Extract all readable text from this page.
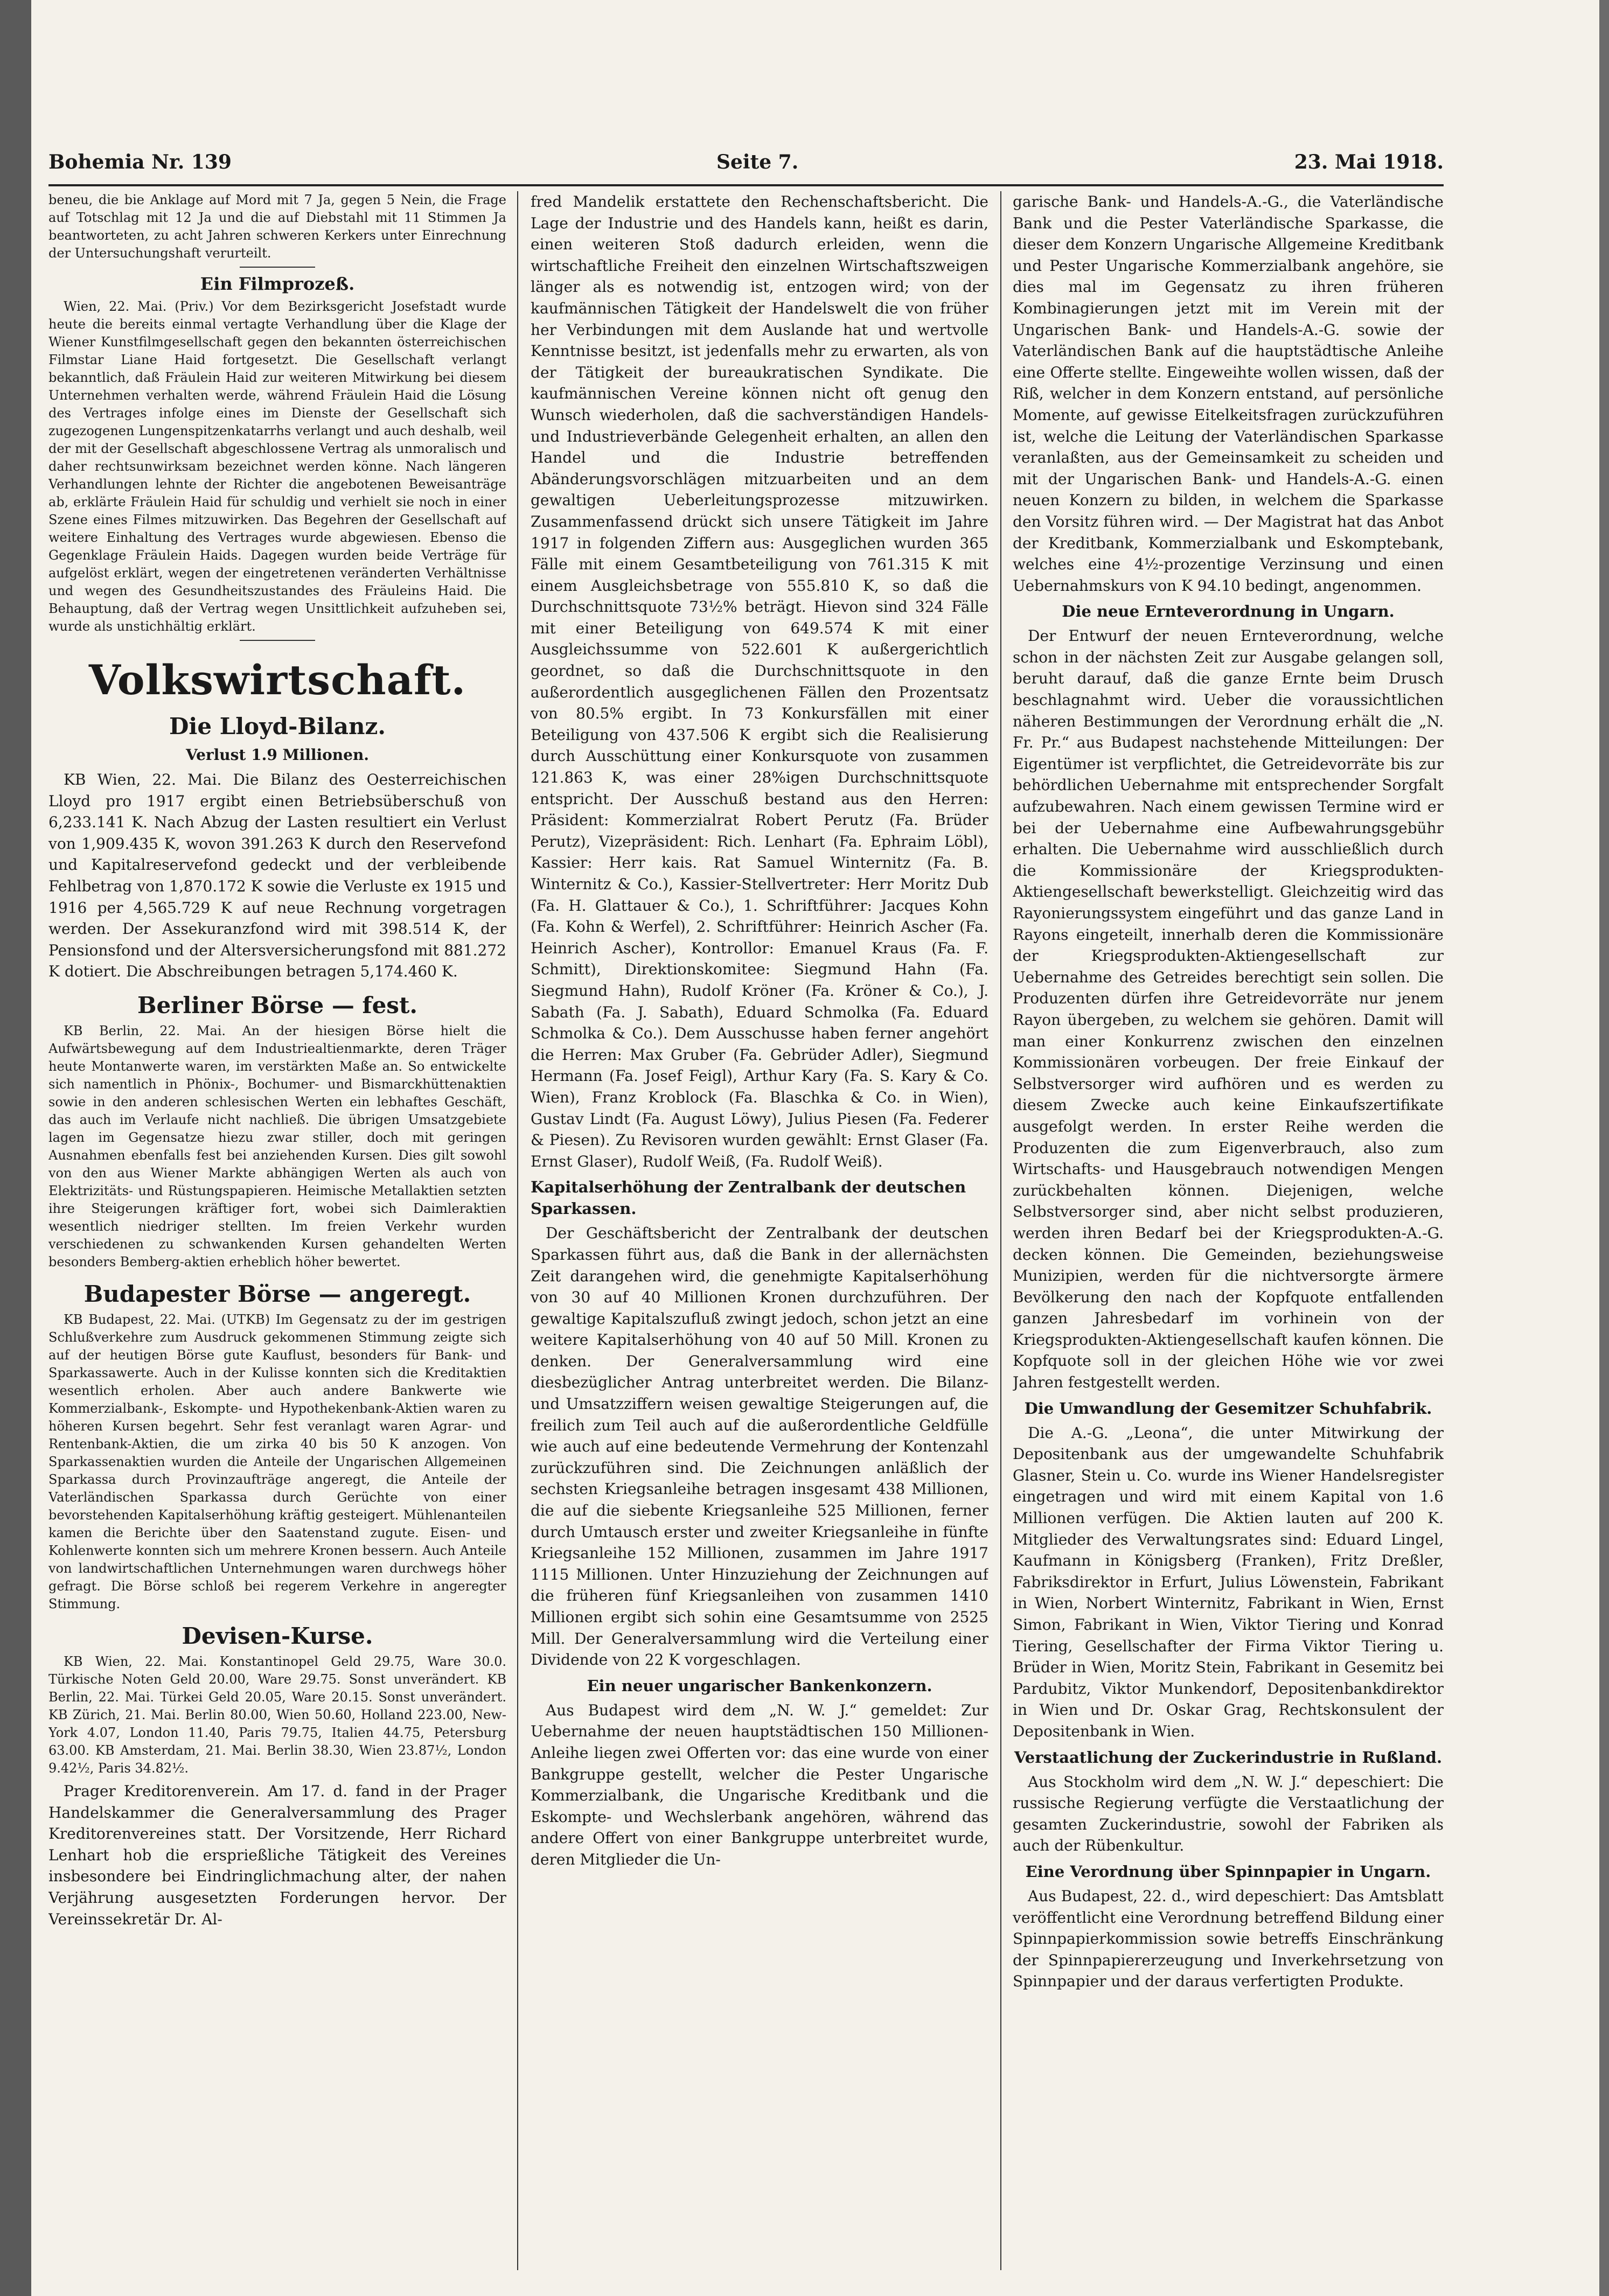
Bohemia Nr. 139	Seite 7.	23. Mai 1918.

beneu, die bie Anklage auf Mord mit 7 Ja, gegen 5 Nein, die Frage auf Totschlag mit 12 Ja und die auf Diebstahl mit 11 Stimmen Ja beantworteten, zu acht Jahren schweren Kerkers unter Einrechnung der Untersuchungshaft verurteilt.

Ein Filmprozeß.

Wien, 22. Mai. (Priv.) Vor dem Bezirksgericht Josefstadt wurde heute die bereits einmal vertagte Verhandlung über die Klage der Wiener Kunstfilmgesellschaft gegen den bekannten österreichischen Filmstar Liane Haid fortgesetzt. Die Gesellschaft verlangt bekanntlich, daß Fräulein Haid zur weiteren Mitwirkung bei diesem Unternehmen verhalten werde, während Fräulein Haid die Lösung des Vertrages infolge eines im Dienste der Gesellschaft sich zugezogenen Lungenspitzenkatarrhs verlangt und auch deshalb, weil der mit der Gesellschaft abgeschlossene Vertrag als unmoralisch und daher rechtsunwirksam bezeichnet werden könne. Nach längeren Verhandlungen lehnte der Richter die angebotenen Beweisanträge ab, erklärte Fräulein Haid für schuldig und verhielt sie noch in einer Szene eines Filmes mitzuwirken. Das Begehren der Gesellschaft auf weitere Einhaltung des Vertrages wurde abgewiesen. Ebenso die Gegenklage Fräulein Haids. Dagegen wurden beide Verträge für aufgelöst erklärt, wegen der eingetretenen veränderten Verhältnisse und wegen des Gesundheitszustandes des Fräuleins Haid. Die Behauptung, daß der Vertrag wegen Unsittlichkeit aufzuheben sei, wurde als unstichhältig erklärt.

Volkswirtschaft.
Die Lloyd-Bilanz.
Verlust 1.9 Millionen.

KB Wien, 22. Mai. Die Bilanz des Oesterreichischen Lloyd pro 1917 ergibt einen Betriebsüberschuß von 6,233.141 K. Nach Abzug der Lasten resultiert ein Verlust von 1,909.435 K, wovon 391.263 K durch den Reservefond und Kapitalreservefond gedeckt und der verbleibende Fehlbetrag von 1,870.172 K sowie die Verluste ex 1915 und 1916 per 4,565.729 K auf neue Rechnung vorgetragen werden. Der Assekuranzfond wird mit 398.514 K, der Pensionsfond und der Altersversicherungsfond mit 881.272 K dotiert. Die Abschreibungen betragen 5,174.460 K.

Berliner Börse — fest.

KB Berlin, 22. Mai. An der hiesigen Börse hielt die Aufwärtsbewegung auf dem Industriealtienmarkte, deren Träger heute Montanwerte waren, im verstärkten Maße an. So entwickelte sich namentlich in Phönix-, Bochumer- und Bismarckhüttenaktien sowie in den anderen schlesischen Werten ein lebhaftes Geschäft, das auch im Verlaufe nicht nachließ. Die übrigen Umsatzgebiete lagen im Gegensatze hiezu zwar stiller, doch mit geringen Ausnahmen ebenfalls fest bei anziehenden Kursen. Dies gilt sowohl von den aus Wiener Markte abhängigen Werten als auch von Elektrizitäts- und Rüstungspapieren. Heimische Metallaktien setzten ihre Steigerungen kräftiger fort, wobei sich Daimleraktien wesentlich niedriger stellten. Im freien Verkehr wurden verschiedenen zu schwankenden Kursen gehandelten Werten besonders Bemberg-aktien erheblich höher bewertet.

Budapester Börse — angeregt.

KB Budapest, 22. Mai. (UTKB) Im Gegensatz zu der im gestrigen Schlußverkehre zum Ausdruck gekommenen Stimmung zeigte sich auf der heutigen Börse gute Kauflust, besonders für Bank- und Sparkassawerte. Auch in der Kulisse konnten sich die Kreditaktien wesentlich erholen. Aber auch andere Bankwerte wie Kommerzialbank-, Eskompte- und Hypothekenbank-Aktien waren zu höheren Kursen begehrt. Sehr fest veranlagt waren Agrar- und Rentenbank-Aktien, die um zirka 40 bis 50 K anzogen. Von Sparkassenaktien wurden die Anteile der Ungarischen Allgemeinen Sparkassa durch Provinzaufträge angeregt, die Anteile der Vaterländischen Sparkassa durch Gerüchte von einer bevorstehenden Kapitalserhöhung kräftig gesteigert. Mühlenanteilen kamen die Berichte über den Saatenstand zugute. Eisen- und Kohlenwerte konnten sich um mehrere Kronen bessern. Auch Anteile von landwirtschaftlichen Unternehmungen waren durchwegs höher gefragt. Die Börse schloß bei regerem Verkehre in angeregter Stimmung.

Devisen-Kurse.

KB Wien, 22. Mai. Konstantinopel Geld 29.75, Ware 30.0. Türkische Noten Geld 20.00, Ware 29.75. Sonst unverändert. KB Berlin, 22. Mai. Türkei Geld 20.05, Ware 20.15. Sonst unverändert. KB Zürich, 21. Mai. Berlin 80.00, Wien 50.60, Holland 223.00, New-York 4.07, London 11.40, Paris 79.75, Italien 44.75, Petersburg 63.00. KB Amsterdam, 21. Mai. Berlin 38.30, Wien 23.87½, London 9.42½, Paris 34.82½.

Prager Kreditorenverein. Am 17. d. fand in der Prager Handelskammer die Generalversammlung des Prager Kreditorenvereines statt. Der Vorsitzende, Herr Richard Lenhart hob die ersprießliche Tätigkeit des Vereines insbesondere bei Eindringlichmachung alter, der nahen Verjährung ausgesetzten Forderungen hervor. Der Vereinssekretär Dr. Al-

fred Mandelik erstattete den Rechenschaftsbericht. Die Lage der Industrie und des Handels kann, heißt es darin, einen weiteren Stoß dadurch erleiden, wenn die wirtschaftliche Freiheit den einzelnen Wirtschaftszweigen länger als es notwendig ist, entzogen wird; von der kaufmännischen Tätigkeit der Handelswelt die von früher her Verbindungen mit dem Auslande hat und wertvolle Kenntnisse besitzt, ist jedenfalls mehr zu erwarten, als von der Tätigkeit der bureaukratischen Syndikate. Die kaufmännischen Vereine können nicht oft genug den Wunsch wiederholen, daß die sachverständigen Handels- und Industrieverbände Gelegenheit erhalten, an allen den Handel und die Industrie betreffenden Abänderungsvorschlägen mitzuarbeiten und an dem gewaltigen Ueberleitungsprozesse mitzuwirken. Zusammenfassend drückt sich unsere Tätigkeit im Jahre 1917 in folgenden Ziffern aus: Ausgeglichen wurden 365 Fälle mit einem Gesamtbeteiligung von 761.315 K mit einem Ausgleichsbetrage von 555.810 K, so daß die Durchschnittsquote 73½% beträgt. Hievon sind 324 Fälle mit einer Beteiligung von 649.574 K mit einer Ausgleichssumme von 522.601 K außergerichtlich geordnet, so daß die Durchschnittsquote in den außerordentlich ausgeglichenen Fällen den Prozentsatz von 80.5% ergibt. In 73 Konkursfällen mit einer Beteiligung von 437.506 K ergibt sich die Realisierung durch Ausschüttung einer Konkursquote von zusammen 121.863 K, was einer 28%igen Durchschnittsquote entspricht. Der Ausschuß bestand aus den Herren: Präsident: Kommerzialrat Robert Perutz (Fa. Brüder Perutz), Vizepräsident: Rich. Lenhart (Fa. Ephraim Löbl), Kassier: Herr kais. Rat Samuel Winternitz (Fa. B. Winternitz & Co.), Kassier-Stellvertreter: Herr Moritz Dub (Fa. H. Glattauer & Co.), 1. Schriftführer: Jacques Kohn (Fa. Kohn & Werfel), 2. Schriftführer: Heinrich Ascher (Fa. Heinrich Ascher), Kontrollor: Emanuel Kraus (Fa. F. Schmitt), Direktionskomitee: Siegmund Hahn (Fa. Siegmund Hahn), Rudolf Kröner (Fa. Kröner & Co.), J. Sabath (Fa. J. Sabath), Eduard Schmolka (Fa. Eduard Schmolka & Co.). Dem Ausschusse haben ferner angehört die Herren: Max Gruber (Fa. Gebrüder Adler), Siegmund Hermann (Fa. Josef Feigl), Arthur Kary (Fa. S. Kary & Co. Wien), Franz Kroblock (Fa. Blaschka & Co. in Wien), Gustav Lindt (Fa. August Löwy), Julius Piesen (Fa. Federer & Piesen). Zu Revisoren wurden gewählt: Ernst Glaser (Fa. Ernst Glaser), Rudolf Weiß, (Fa. Rudolf Weiß).

Kapitalserhöhung der Zentralbank der deutschen Sparkassen.

Der Geschäftsbericht der Zentralbank der deutschen Sparkassen führt aus, daß die Bank in der allernächsten Zeit darangehen wird, die genehmigte Kapitalserhöhung von 30 auf 40 Millionen Kronen durchzuführen. Der gewaltige Kapitalszufluß zwingt jedoch, schon jetzt an eine weitere Kapitalserhöhung von 40 auf 50 Mill. Kronen zu denken. Der Generalversammlung wird eine diesbezüglicher Antrag unterbreitet werden. Die Bilanz- und Umsatzziffern weisen gewaltige Steigerungen auf, die freilich zum Teil auch auf die außerordentliche Geldfülle wie auch auf eine bedeutende Vermehrung der Kontenzahl zurückzuführen sind. Die Zeichnungen anläßlich der sechsten Kriegsanleihe betragen insgesamt 438 Millionen, die auf die siebente Kriegsanleihe 525 Millionen, ferner durch Umtausch erster und zweiter Kriegsanleihe in fünfte Kriegsanleihe 152 Millionen, zusammen im Jahre 1917 1115 Millionen. Unter Hinzuziehung der Zeichnungen auf die früheren fünf Kriegsanleihen von zusammen 1410 Millionen ergibt sich sohin eine Gesamtsumme von 2525 Mill. Der Generalversammlung wird die Verteilung einer Dividende von 22 K vorgeschlagen.

Ein neuer ungarischer Bankenkonzern.

Aus Budapest wird dem „N. W. J.“ gemeldet: Zur Uebernahme der neuen hauptstädtischen 150 Millionen-Anleihe liegen zwei Offerten vor: das eine wurde von einer Bankgruppe gestellt, welcher die Pester Ungarische Kommerzialbank, die Ungarische Kreditbank und die Eskompte- und Wechslerbank angehören, während das andere Offert von einer Bankgruppe unterbreitet wurde, deren Mitglieder die Un-

garische Bank- und Handels-A.-G., die Vaterländische Bank und die Pester Vaterländische Sparkasse, die dieser dem Konzern Ungarische Allgemeine Kreditbank und Pester Ungarische Kommerzialbank angehöre, sie dies mal im Gegensatz zu ihren früheren Kombinagierungen jetzt mit im Verein mit der Ungarischen Bank- und Handels-A.-G. sowie der Vaterländischen Bank auf die hauptstädtische Anleihe eine Offerte stellte. Eingeweihte wollen wissen, daß der Riß, welcher in dem Konzern entstand, auf persönliche Momente, auf gewisse Eitelkeitsfragen zurückzuführen ist, welche die Leitung der Vaterländischen Sparkasse veranlaßten, aus der Gemeinsamkeit zu scheiden und mit der Ungarischen Bank- und Handels-A.-G. einen neuen Konzern zu bilden, in welchem die Sparkasse den Vorsitz führen wird. — Der Magistrat hat das Anbot der Kreditbank, Kommerzialbank und Eskomptebank, welches eine 4½-prozentige Verzinsung und einen Uebernahmskurs von K 94.10 bedingt, angenommen.

Die neue Ernteverordnung in Ungarn.

Der Entwurf der neuen Ernteverordnung, welche schon in der nächsten Zeit zur Ausgabe gelangen soll, beruht darauf, daß die ganze Ernte beim Drusch beschlagnahmt wird. Ueber die voraussichtlichen näheren Bestimmungen der Verordnung erhält die „N. Fr. Pr.“ aus Budapest nachstehende Mitteilungen: Der Eigentümer ist verpflichtet, die Getreidevorräte bis zur behördlichen Uebernahme mit entsprechender Sorgfalt aufzubewahren. Nach einem gewissen Termine wird er bei der Uebernahme eine Aufbewahrungsgebühr erhalten. Die Uebernahme wird ausschließlich durch die Kommissionäre der Kriegsprodukten-Aktiengesellschaft bewerkstelligt. Gleichzeitig wird das Rayonierungssystem eingeführt und das ganze Land in Rayons eingeteilt, innerhalb deren die Kommissionäre der Kriegsprodukten-Aktiengesellschaft zur Uebernahme des Getreides berechtigt sein sollen. Die Produzenten dürfen ihre Getreidevorräte nur jenem Rayon übergeben, zu welchem sie gehören. Damit will man einer Konkurrenz zwischen den einzelnen Kommissionären vorbeugen. Der freie Einkauf der Selbstversorger wird aufhören und es werden zu diesem Zwecke auch keine Einkaufszertifikate ausgefolgt werden. In erster Reihe werden die Produzenten die zum Eigenverbrauch, also zum Wirtschafts- und Hausgebrauch notwendigen Mengen zurückbehalten können. Diejenigen, welche Selbstversorger sind, aber nicht selbst produzieren, werden ihren Bedarf bei der Kriegsprodukten-A.-G. decken können. Die Gemeinden, beziehungsweise Munizipien, werden für die nichtversorgte ärmere Bevölkerung den nach der Kopfquote entfallenden ganzen Jahresbedarf im vorhinein von der Kriegsprodukten-Aktiengesellschaft kaufen können. Die Kopfquote soll in der gleichen Höhe wie vor zwei Jahren festgestellt werden.

Die Umwandlung der Gesemitzer Schuhfabrik.

Die A.-G. „Leona“, die unter Mitwirkung der Depositenbank aus der umgewandelte Schuhfabrik Glasner, Stein u. Co. wurde ins Wiener Handelsregister eingetragen und wird mit einem Kapital von 1.6 Millionen verfügen. Die Aktien lauten auf 200 K. Mitglieder des Verwaltungsrates sind: Eduard Lingel, Kaufmann in Königsberg (Franken), Fritz Dreßler, Fabriksdirektor in Erfurt, Julius Löwenstein, Fabrikant in Wien, Norbert Winternitz, Fabrikant in Wien, Ernst Simon, Fabrikant in Wien, Viktor Tiering und Konrad Tiering, Gesellschafter der Firma Viktor Tiering u. Brüder in Wien, Moritz Stein, Fabrikant in Gesemitz bei Pardubitz, Viktor Munkendorf, Depositenbankdirektor in Wien und Dr. Oskar Grag, Rechtskonsulent der Depositenbank in Wien.

Verstaatlichung der Zuckerindustrie in Rußland.

Aus Stockholm wird dem „N. W. J.“ depeschiert: Die russische Regierung verfügte die Verstaatlichung der gesamten Zuckerindustrie, sowohl der Fabriken als auch der Rübenkultur.

Eine Verordnung über Spinnpapier in Ungarn.

Aus Budapest, 22. d., wird depeschiert: Das Amtsblatt veröffentlicht eine Verordnung betreffend Bildung einer Spinnpapierkommission sowie betreffs Einschränkung der Spinnpapiererzeugung und Inverkehrsetzung von Spinnpapier und der daraus verfertigten Produkte.
